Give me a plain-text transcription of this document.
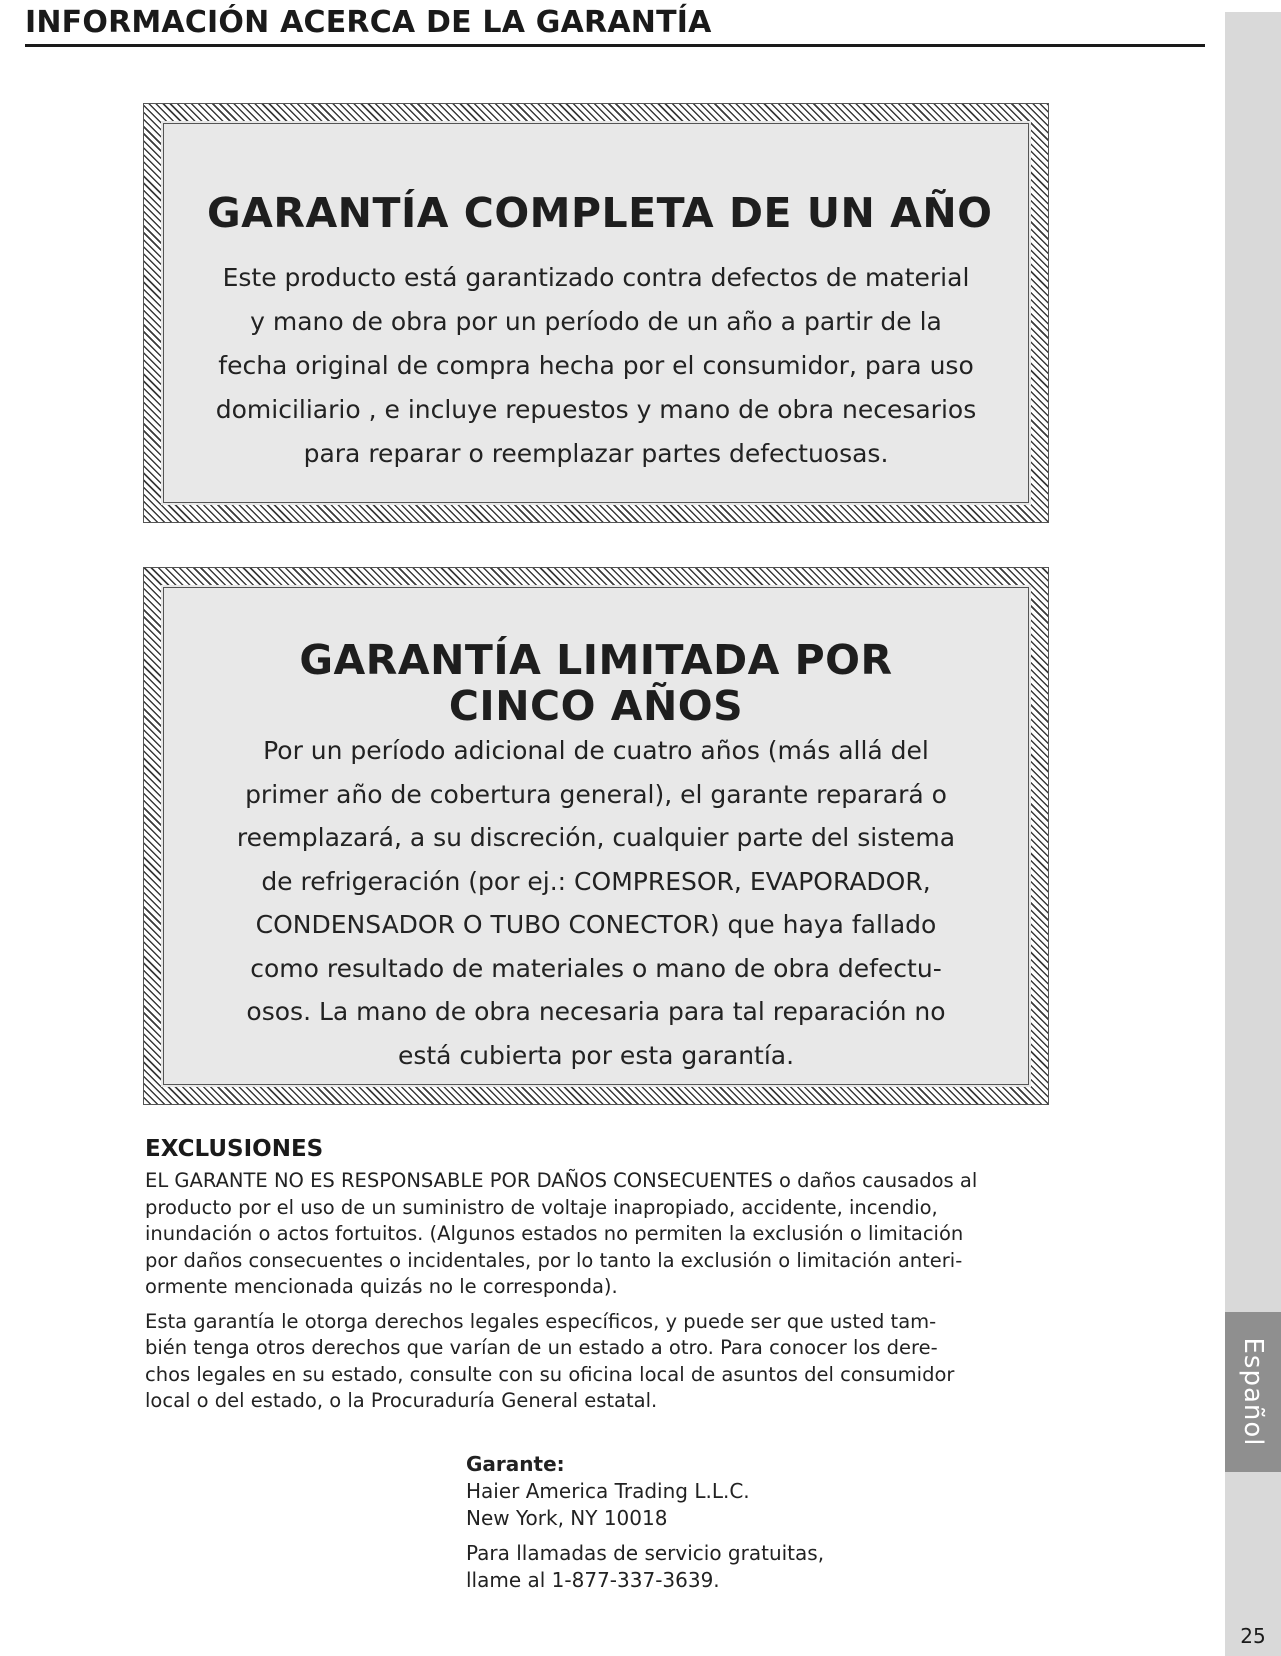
INFORMACIÓN ACERCA DE LA GARANTÍA
Español
25
GARANTÍA COMPLETA DE UN AÑO

Este producto está garantizado contra defectos de material
y mano de obra por un período de un año a partir de la
fecha original de compra hecha por el consumidor, para uso
domiciliario , e incluye repuestos y mano de obra necesarios
para reparar o reemplazar partes defectuosas.

GARANTÍA LIMITADA POR
CINCO AÑOS

Por un período adicional de cuatro años (más allá del
primer año de cobertura general), el garante reparará o
reemplazará, a su discreción, cualquier parte del sistema
de refrigeración (por ej.: COMPRESOR, EVAPORADOR,
CONDENSADOR O TUBO CONECTOR) que haya fallado
como resultado de materiales o mano de obra defectu-
osos. La mano de obra necesaria para tal reparación no
está cubierta por esta garantía.

EXCLUSIONES

EL GARANTE NO ES RESPONSABLE POR DAÑOS CONSECUENTES o daños causados al
producto por el uso de un suministro de voltaje inapropiado, accidente, incendio,
inundación o actos fortuitos. (Algunos estados no permiten la exclusión o limitación
por daños consecuentes o incidentales, por lo tanto la exclusión o limitación anteri-
ormente mencionada quizás no le corresponda).

Esta garantía le otorga derechos legales específicos, y puede ser que usted tam-
bién tenga otros derechos que varían de un estado a otro. Para conocer los dere-
chos legales en su estado, consulte con su oficina local de asuntos del consumidor
local o del estado, o la Procuraduría General estatal.

Garante:
Haier America Trading L.L.C.
New York, NY 10018
Para llamadas de servicio gratuitas,
llame al 1-877-337-3639.
